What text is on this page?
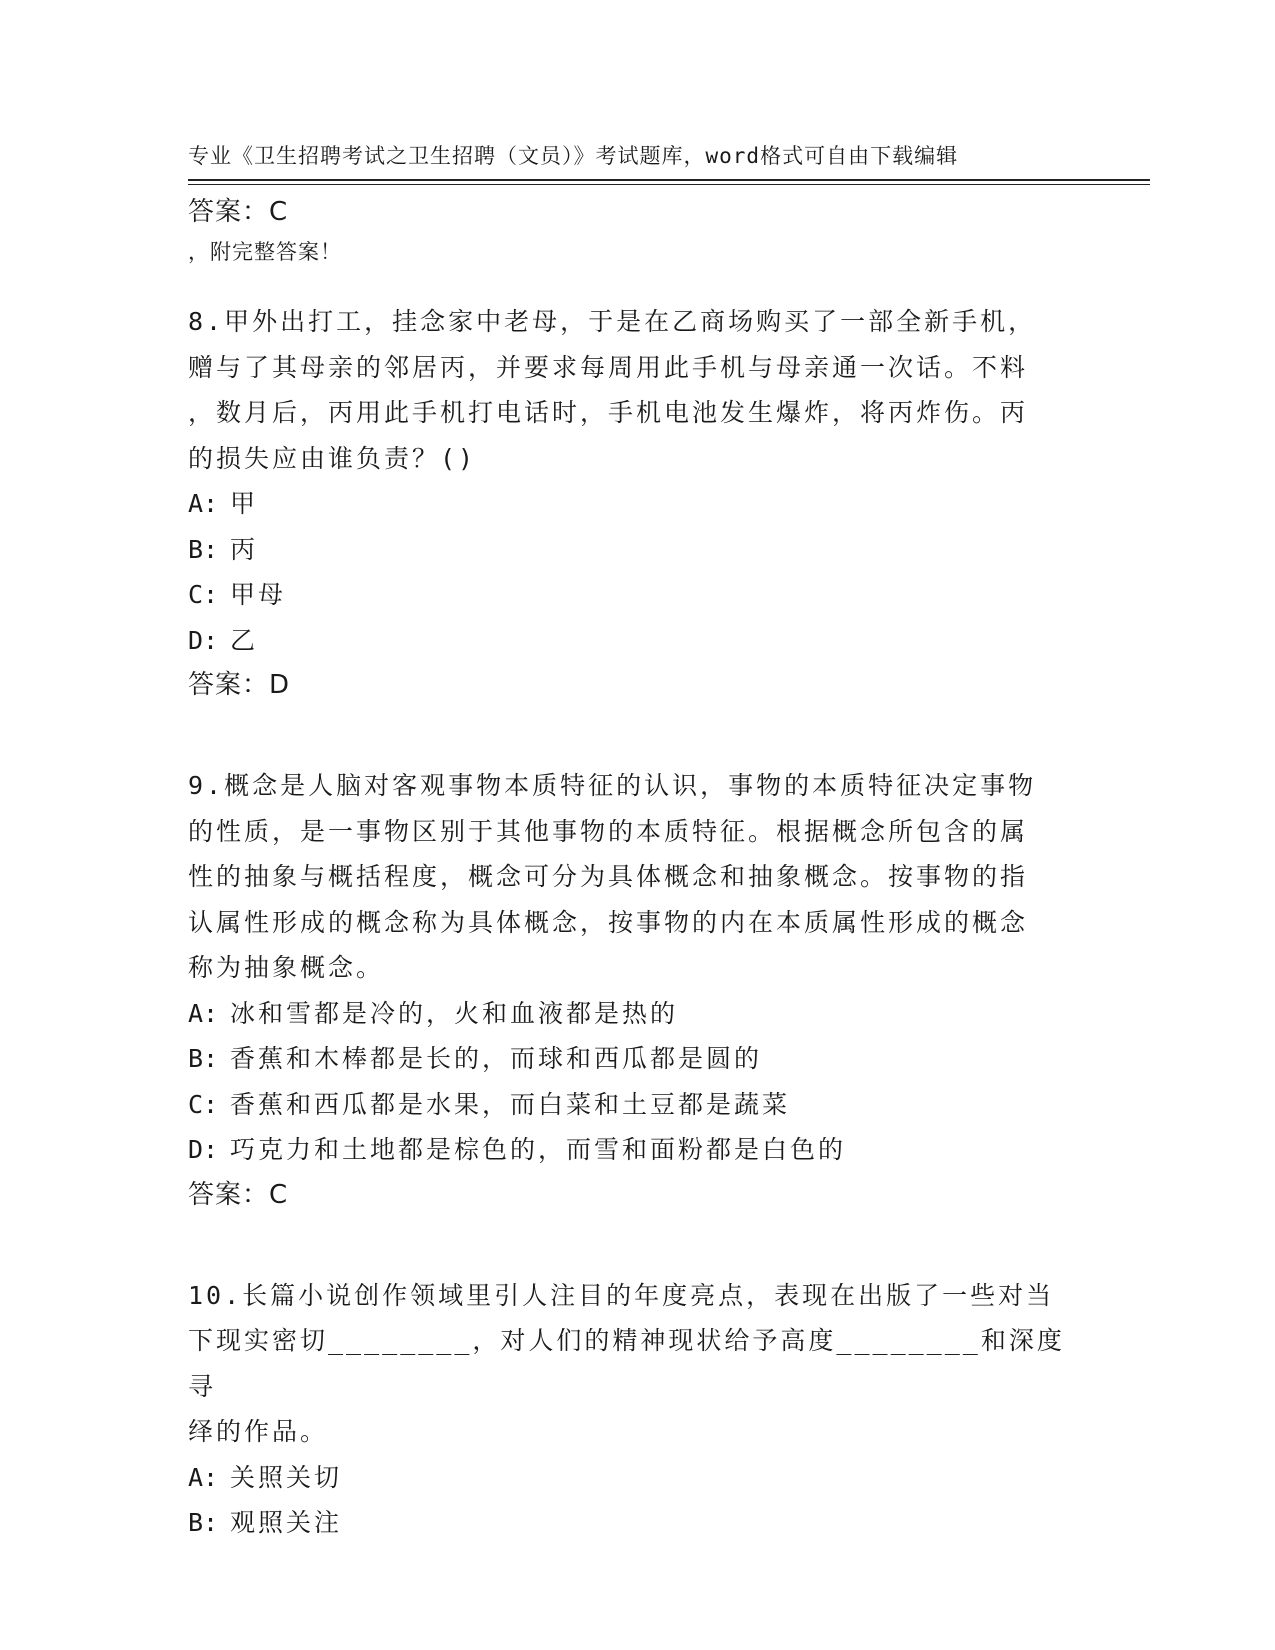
专业《卫生招聘考试之卫生招聘（文员）》考试题库，word格式可自由下载编辑

，附完整答案！

答案：C
8.甲外出打工，挂念家中老母，于是在乙商场购买了一部全新手机，
赠与了其母亲的邻居丙，并要求每周用此手机与母亲通一次话。不料
，数月后，丙用此手机打电话时，手机电池发生爆炸，将丙炸伤。丙
的损失应由谁负责？()
A: 甲
B: 丙
C: 甲母
D: 乙
答案：D
9.概念是人脑对客观事物本质特征的认识，事物的本质特征决定事物
的性质，是一事物区别于其他事物的本质特征。根据概念所包含的属
性的抽象与概括程度，概念可分为具体概念和抽象概念。按事物的指
认属性形成的概念称为具体概念，按事物的内在本质属性形成的概念
称为抽象概念。
A: 冰和雪都是冷的，火和血液都是热的
B: 香蕉和木棒都是长的，而球和西瓜都是圆的
C: 香蕉和西瓜都是水果，而白菜和土豆都是蔬菜
D: 巧克力和土地都是棕色的，而雪和面粉都是白色的
答案：C
10.长篇小说创作领域里引人注目的年度亮点，表现在出版了一些对当
下现实密切________，对人们的精神现状给予高度________和深度寻
绎的作品。
A: 关照关切
B: 观照关注
